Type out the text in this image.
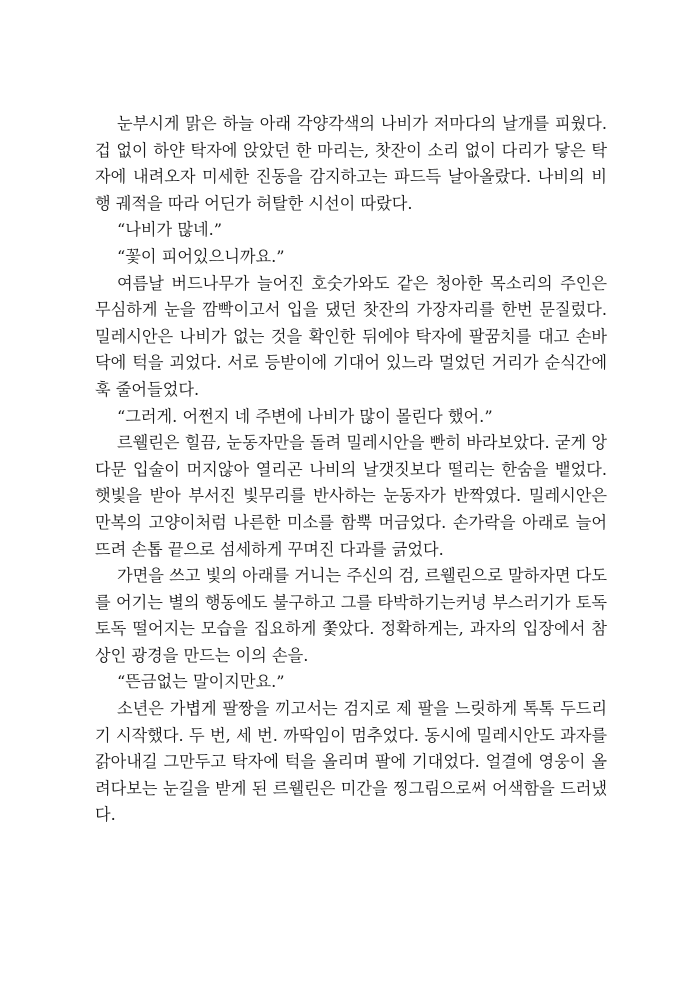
눈부시게 맑은 하늘 아래 각양각색의 나비가 저마다의 날개를 피웠다. 겁 없이 하얀 탁자에 앉았던 한 마리는, 찻잔이 소리 없이 다리가 닿은 탁자에 내려오자 미세한 진동을 감지하고는 파드득 날아올랐다. 나비의 비행 궤적을 따라 어딘가 허탈한 시선이 따랐다.

“나비가 많네.”

“꽃이 피어있으니까요.”

여름날 버드나무가 늘어진 호숫가와도 같은 청아한 목소리의 주인은 무심하게 눈을 깜빡이고서 입을 댔던 찻잔의 가장자리를 한번 문질렀다. 밀레시안은 나비가 없는 것을 확인한 뒤에야 탁자에 팔꿈치를 대고 손바닥에 턱을 괴었다. 서로 등받이에 기대어 있느라 멀었던 거리가 순식간에 훅 줄어들었다.

“그러게. 어쩐지 네 주변에 나비가 많이 몰린다 했어.”

르웰린은 힐끔, 눈동자만을 돌려 밀레시안을 빤히 바라보았다. 굳게 앙다문 입술이 머지않아 열리곤 나비의 날갯짓보다 떨리는 한숨을 뱉었다. 햇빛을 받아 부서진 빛무리를 반사하는 눈동자가 반짝였다. 밀레시안은 만복의 고양이처럼 나른한 미소를 함뿍 머금었다. 손가락을 아래로 늘어뜨려 손톱 끝으로 섬세하게 꾸며진 다과를 긁었다.

가면을 쓰고 빛의 아래를 거니는 주신의 검, 르웰린으로 말하자면 다도를 어기는 별의 행동에도 불구하고 그를 타박하기는커녕 부스러기가 토독토독 떨어지는 모습을 집요하게 쫓았다. 정확하게는, 과자의 입장에서 참상인 광경을 만드는 이의 손을.

“뜬금없는 말이지만요.”

소년은 가볍게 팔짱을 끼고서는 검지로 제 팔을 느릿하게 톡톡 두드리기 시작했다. 두 번, 세 번. 까딱임이 멈추었다. 동시에 밀레시안도 과자를 갉아내길 그만두고 탁자에 턱을 올리며 팔에 기대었다. 얼결에 영웅이 올려다보는 눈길을 받게 된 르웰린은 미간을 찡그림으로써 어색함을 드러냈다.
